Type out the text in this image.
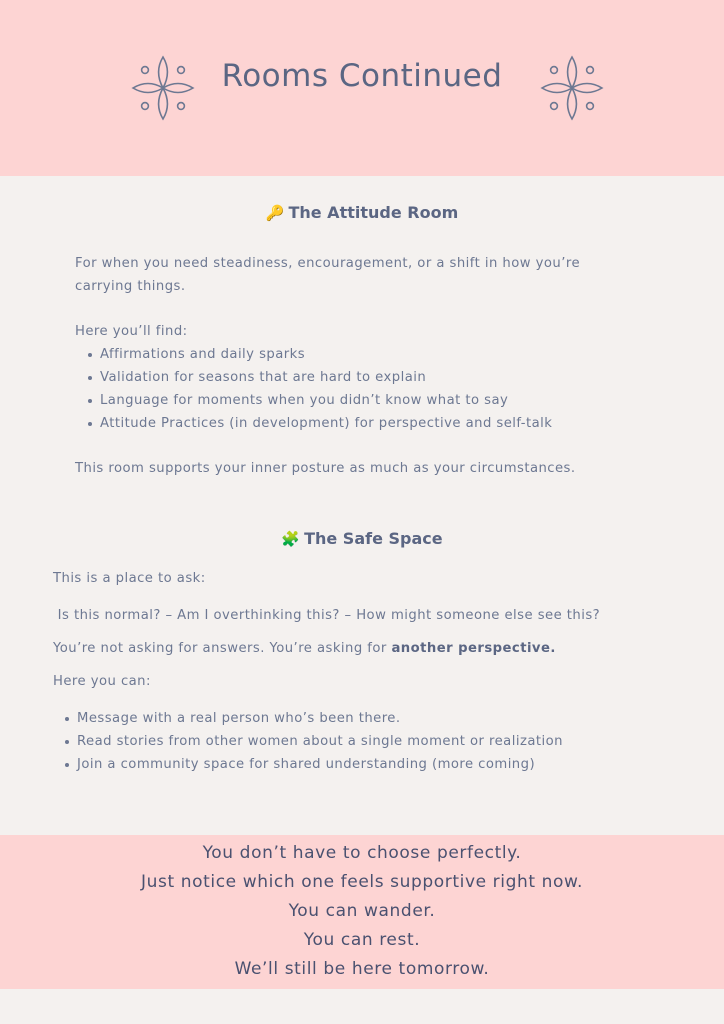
Rooms Continued
🔑 The Attitude Room
For when you need steadiness, encouragement, or a shift in how you’re
carrying things.
Here you’ll find:
Affirmations and daily sparks
Validation for seasons that are hard to explain
Language for moments when you didn’t know what to say
Attitude Practices (in development) for perspective and self-talk
This room supports your inner posture as much as your circumstances.
🧩 The Safe Space
This is a place to ask:
Is this normal? – Am I overthinking this? – How might someone else see this?
You’re not asking for answers. You’re asking for another perspective.
Here you can:
Message with a real person who’s been there.
Read stories from other women about a single moment or realization
Join a community space for shared understanding (more coming)
You don’t have to choose perfectly.
Just notice which one feels supportive right now.
You can wander.
You can rest.
We’ll still be here tomorrow.
